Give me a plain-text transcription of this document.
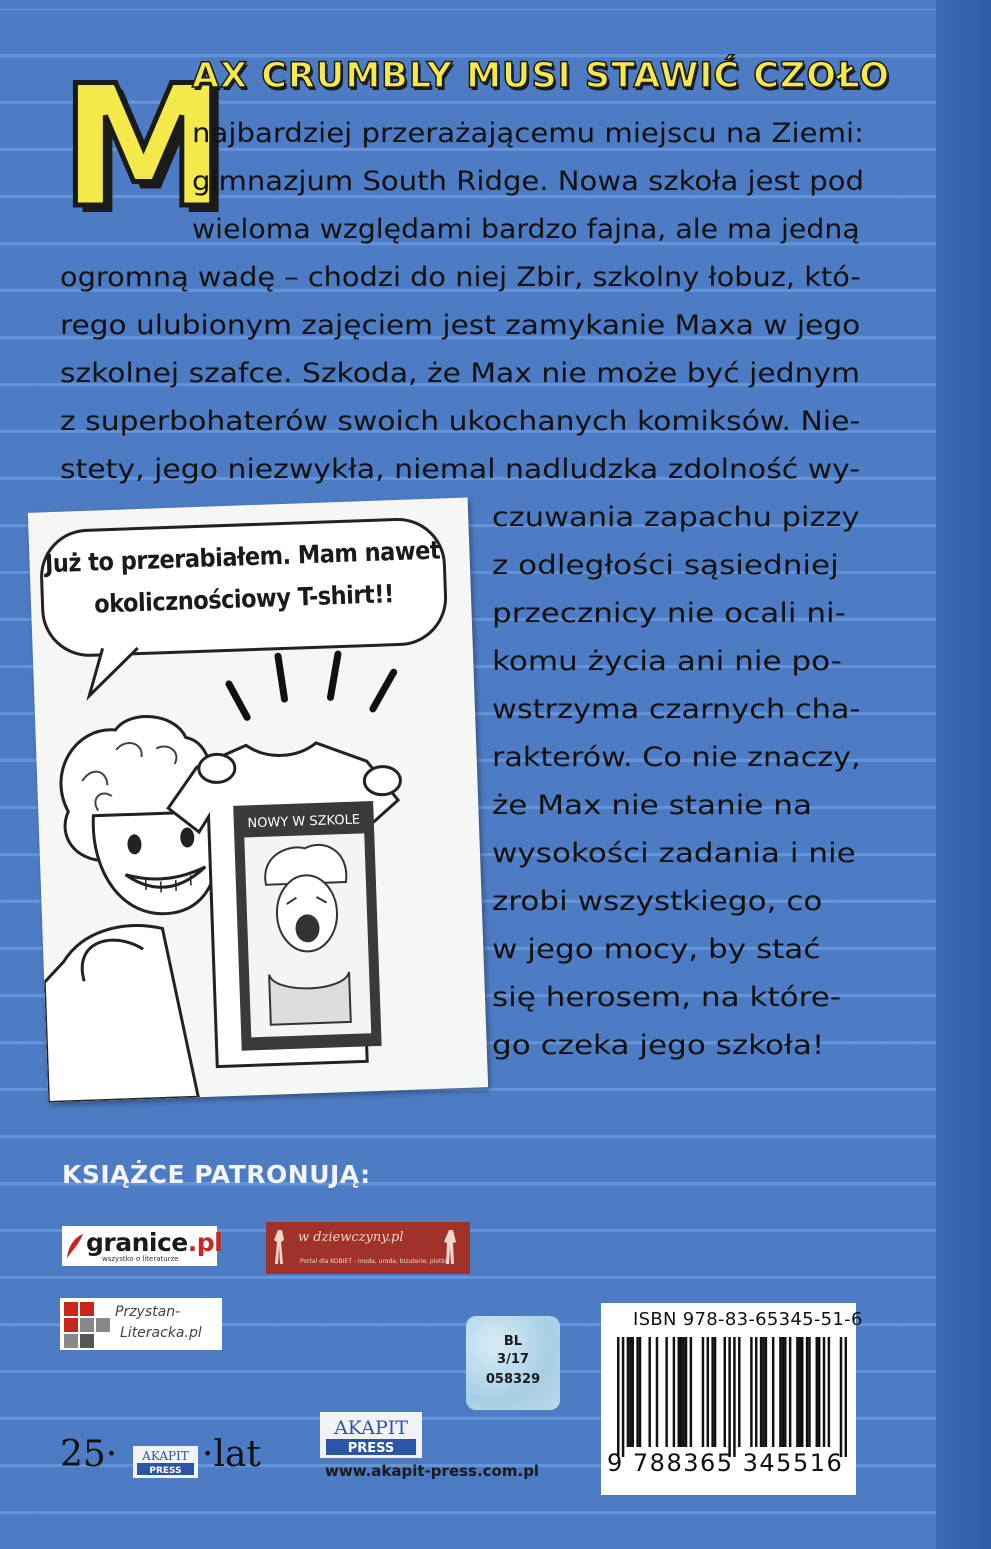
M
AX CRUMBLY MUSI STAWIĆ CZOŁO
najbardziej przerażającemu miejscu na Ziemi:
gimnazjum South Ridge. Nowa szkoła jest pod
wieloma względami bardzo fajna, ale ma jedną
ogromną wadę – chodzi do niej Zbir, szkolny łobuz, któ-
rego ulubionym zajęciem jest zamykanie Maxa w jego
szkolnej szafce. Szkoda, że Max nie może być jednym
z superbohaterów swoich ukochanych komiksów. Nie-
stety, jego niezwykła, niemal nadludzka zdolność wy-
czuwania zapachu pizzy
z odległości sąsiedniej
przecznicy nie ocali ni-
komu życia ani nie po-
wstrzyma czarnych cha-
rakterów. Co nie znaczy,
że Max nie stanie na
wysokości zadania i nie
zrobi wszystkiego, co
w jego mocy, by stać
się herosem, na które-
go czeka jego szkoła!
Już to przerabiałem. Mam nawet
okolicznościowy T-shirt!!
NOWY W SZKOLE
KSIĄŻCE PATRONUJĄ:
granice.pl
wszystko o literaturze
w dziewczyny.pl
Portal dla KOBIET - moda, uroda, bizuterie, plotki
Przystan-
Literacka.pl
BL
3/17
058329
AKAPIT
PRESS
www.akapit-press.com.pl
25· AKAPIT
PRESS ·lat
ISBN 978-83-65345-51-6
9 788365 345516
